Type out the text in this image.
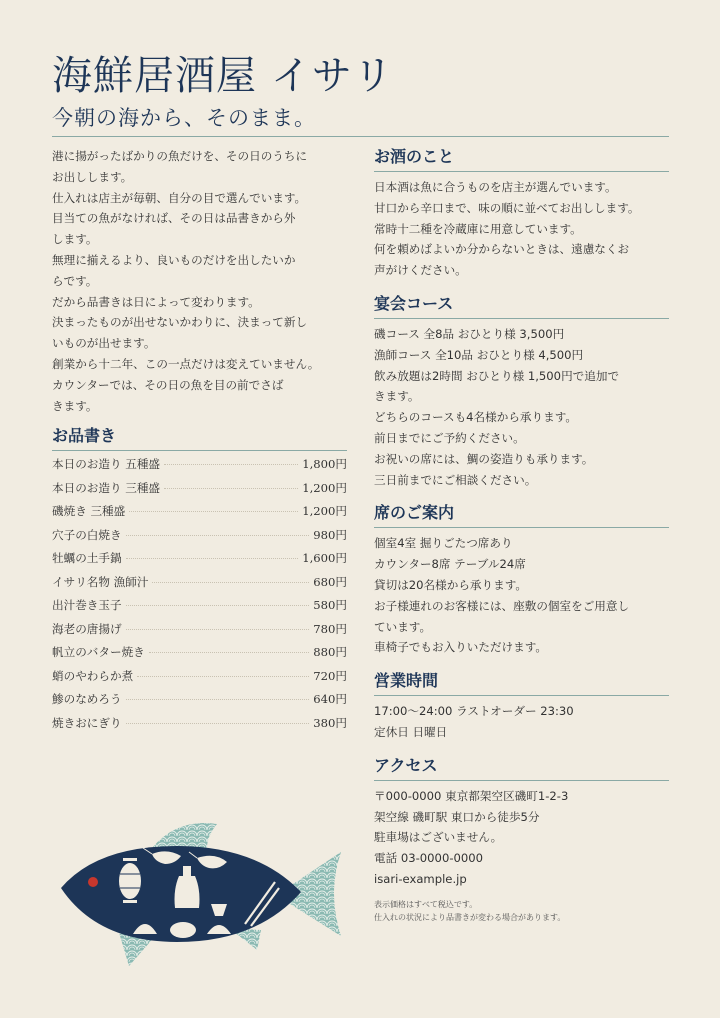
海鮮居酒屋 イサリ
今朝の海から、そのまま。

港に揚がったばかりの魚だけを、その日のうちに

お出しします。

仕入れは店主が毎朝、自分の目で選んでいます。

目当ての魚がなければ、その日は品書きから外

します。

無理に揃えるより、良いものだけを出したいか

らです。

だから品書きは日によって変わります。

決まったものが出せないかわりに、決まって新し

いものが出せます。

創業から十二年、この一点だけは変えていません。

カウンターでは、その日の魚を目の前でさば

きます。

お品書き
本日のお造り 五種盛	1,800円
本日のお造り 三種盛	1,200円
磯焼き 三種盛	1,200円
穴子の白焼き	980円
牡蠣の土手鍋	1,600円
イサリ名物 漁師汁	680円
出汁巻き玉子	580円
海老の唐揚げ	780円
帆立のバター焼き	880円
蛸のやわらか煮	720円
鯵のなめろう	640円
焼きおにぎり	380円
お酒のこと

日本酒は魚に合うものを店主が選んでいます。

甘口から辛口まで、味の順に並べてお出しします。

常時十二種を冷蔵庫に用意しています。

何を頼めばよいか分からないときは、遠慮なくお

声がけください。

宴会コース

磯コース 全8品 おひとり様 3,500円

漁師コース 全10品 おひとり様 4,500円

飲み放題は2時間 おひとり様 1,500円で追加で

きます。

どちらのコースも4名様から承ります。

前日までにご予約ください。

お祝いの席には、鯛の姿造りも承ります。

三日前までにご相談ください。

席のご案内

個室4室 掘りごたつ席あり

カウンター8席 テーブル24席

貸切は20名様から承ります。

お子様連れのお客様には、座敷の個室をご用意し

ています。

車椅子でもお入りいただけます。

営業時間

17:00〜24:00 ラストオーダー 23:30

定休日 日曜日

アクセス

〒000-0000 東京都架空区磯町1-2-3

架空線 磯町駅 東口から徒歩5分

駐車場はございません。

電話 03-0000-0000

isari-example.jp

表示価格はすべて税込です。

仕入れの状況により品書きが変わる場合があります。
